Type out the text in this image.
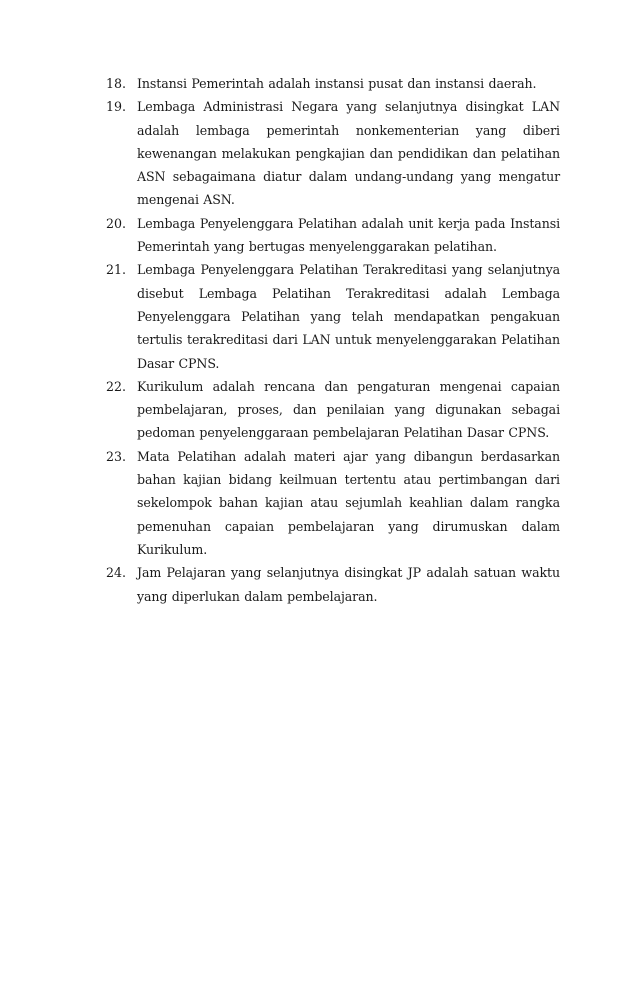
18. Instansi Pemerintah adalah instansi pusat dan instansi daerah.
19. Lembaga Administrasi Negara yang selanjutnya disingkat LAN adalah lembaga pemerintah nonkementerian yang diberi kewenangan melakukan pengkajian dan pendidikan dan pelatihan ASN sebagaimana diatur dalam undang-undang yang mengatur mengenai ASN.
20. Lembaga Penyelenggara Pelatihan adalah unit kerja pada Instansi Pemerintah yang bertugas menyelenggarakan pelatihan.
21. Lembaga Penyelenggara Pelatihan Terakreditasi yang selanjutnya disebut Lembaga Pelatihan Terakreditasi adalah Lembaga Penyelenggara Pelatihan yang telah mendapatkan pengakuan tertulis terakreditasi dari LAN untuk menyelenggarakan Pelatihan Dasar CPNS.
22. Kurikulum adalah rencana dan pengaturan mengenai capaian pembelajaran, proses, dan penilaian yang digunakan sebagai pedoman penyelenggaraan pembelajaran Pelatihan Dasar CPNS.
23. Mata Pelatihan adalah materi ajar yang dibangun berdasarkan bahan kajian bidang keilmuan tertentu atau pertimbangan dari sekelompok bahan kajian atau sejumlah keahlian dalam rangka pemenuhan capaian pembelajaran yang dirumuskan dalam Kurikulum.
24. Jam Pelajaran yang selanjutnya disingkat JP adalah satuan waktu yang diperlukan dalam pembelajaran.
